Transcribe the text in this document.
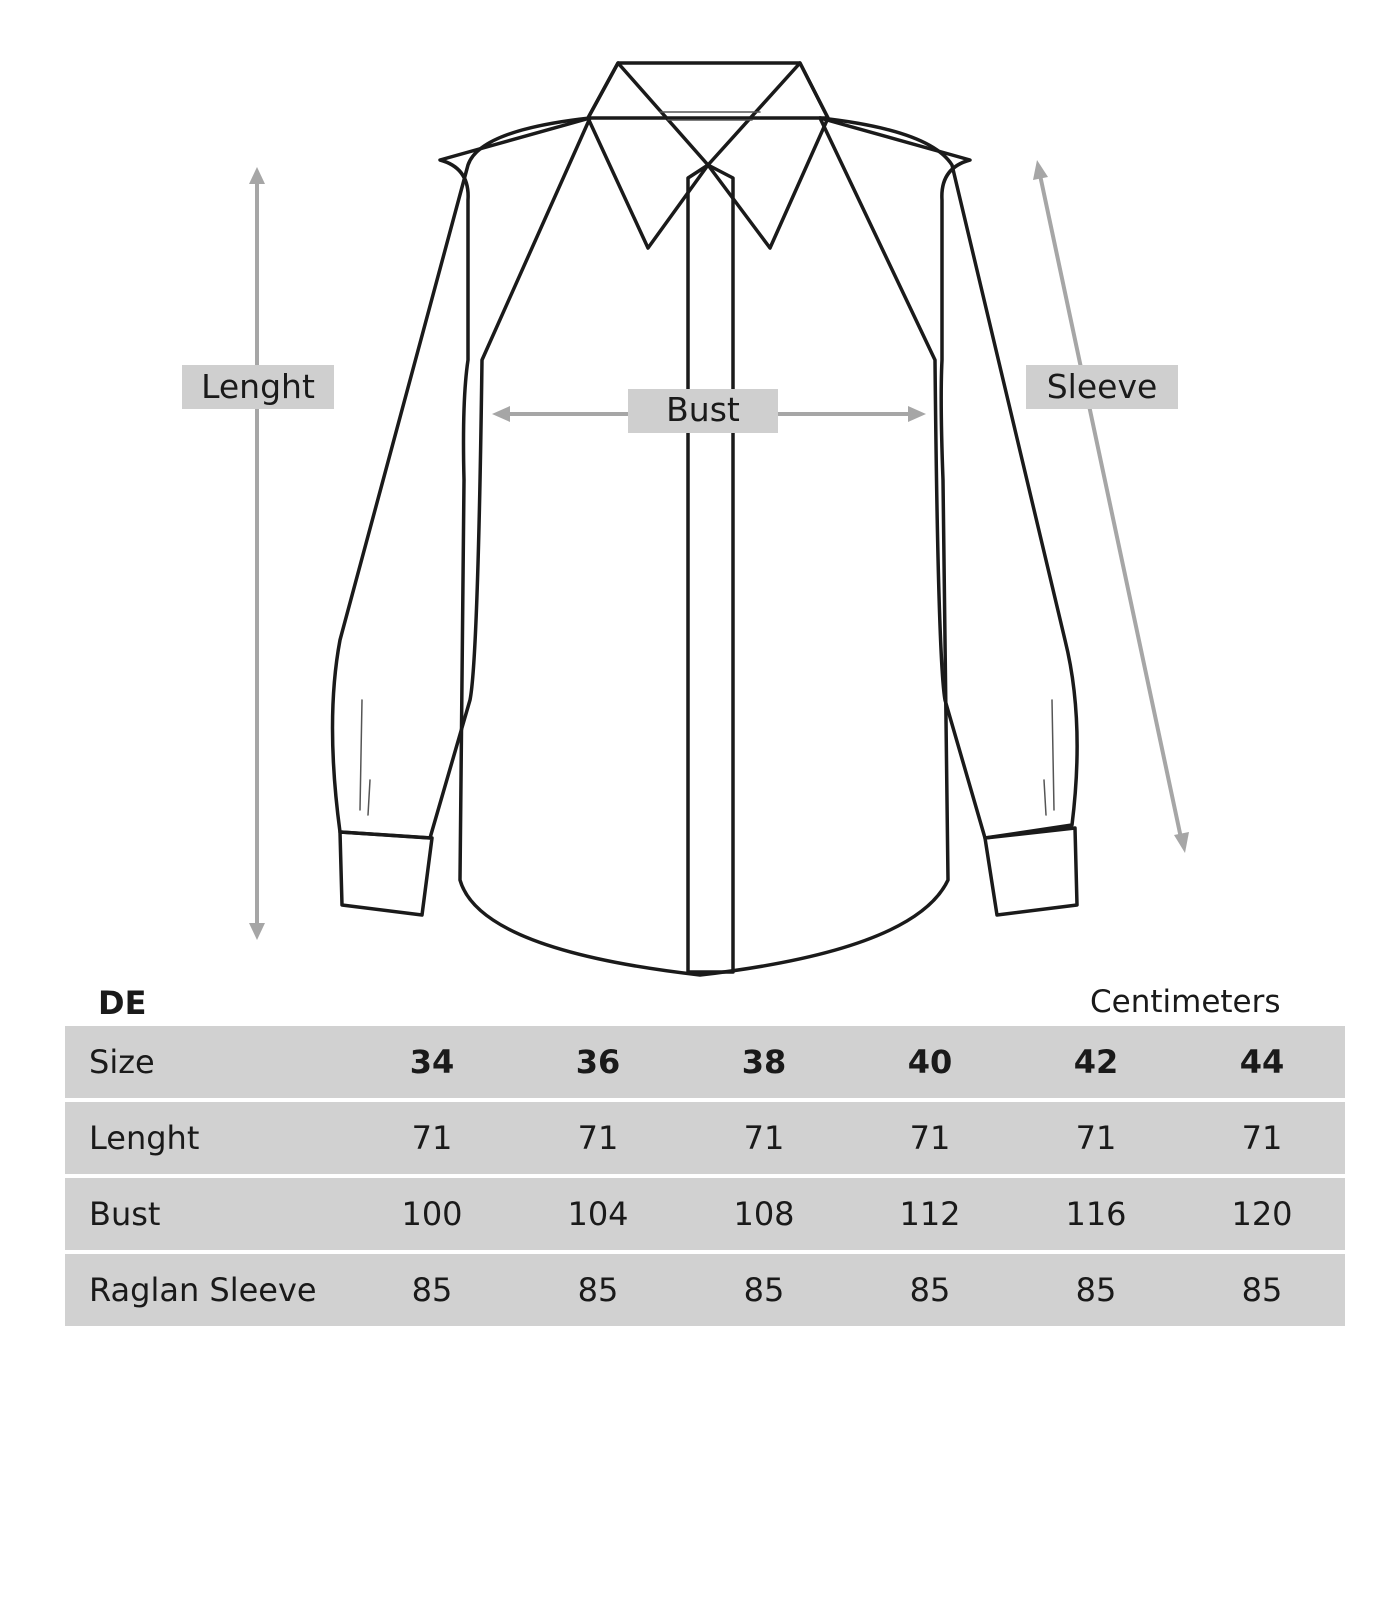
Lenght
Bust
Sleeve

DE	Centimeters

Size	34	36	38	40	42	44
Lenght	71	71	71	71	71	71
Bust	100	104	108	112	116	120
Raglan Sleeve	85	85	85	85	85	85
